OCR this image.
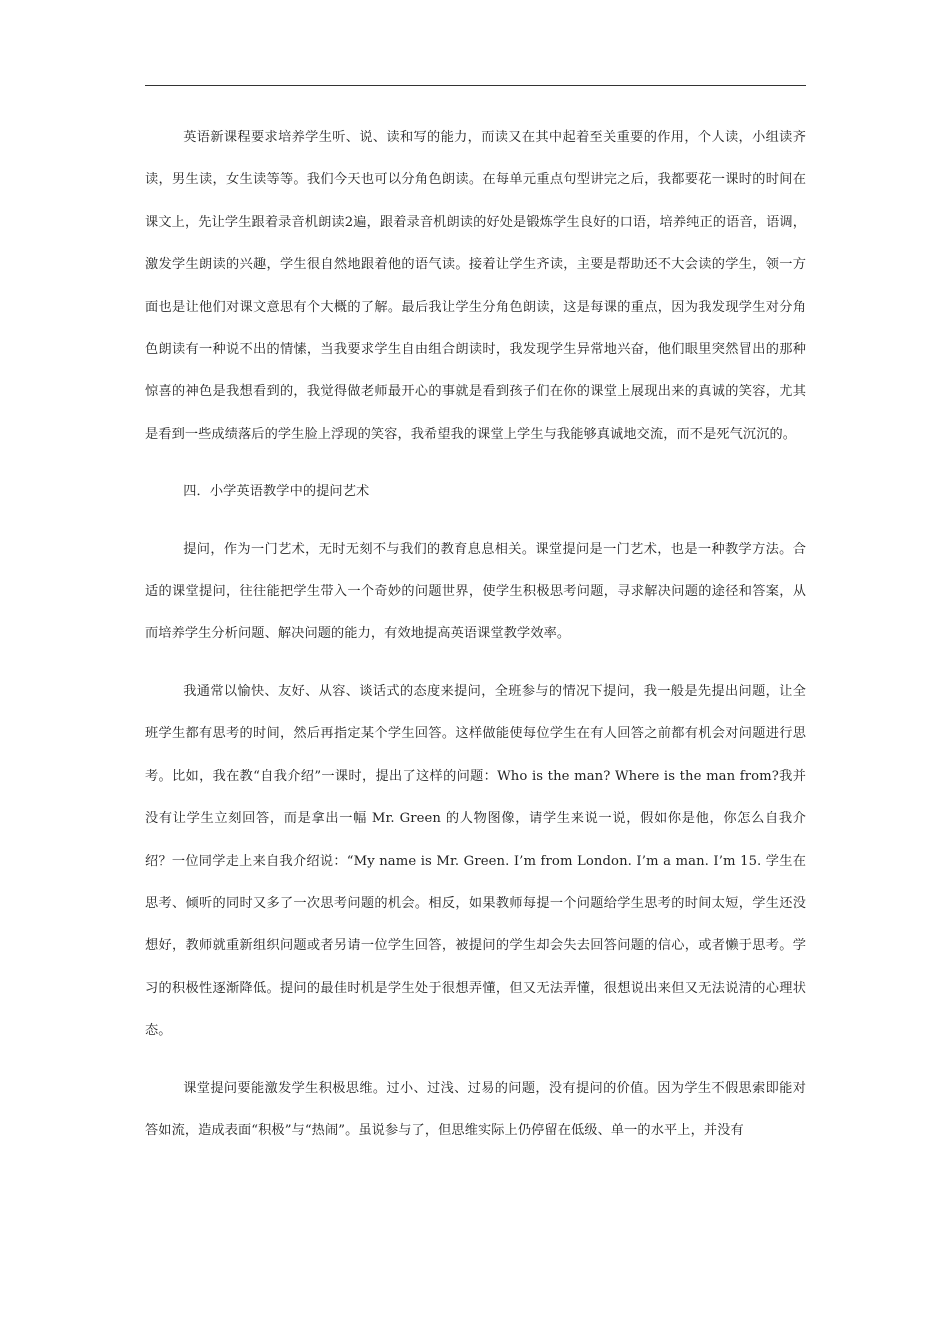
英语新课程要求培养学生听、说、读和写的能力，而读又在其中起着至关重要的作用，个人读，小组读齐读，男生读，女生读等等。我们今天也可以分角色朗读。在每单元重点句型讲完之后，我都要花一课时的时间在课文上，先让学生跟着录音机朗读2遍，跟着录音机朗读的好处是锻炼学生良好的口语，培养纯正的语音，语调，激发学生朗读的兴趣，学生很自然地跟着他的语气读。接着让学生齐读，主要是帮助还不大会读的学生，领一方面也是让他们对课文意思有个大概的了解。最后我让学生分角色朗读，这是每课的重点，因为我发现学生对分角色朗读有一种说不出的情愫，当我要求学生自由组合朗读时，我发现学生异常地兴奋，他们眼里突然冒出的那种惊喜的神色是我想看到的，我觉得做老师最开心的事就是看到孩子们在你的课堂上展现出来的真诚的笑容，尤其是看到一些成绩落后的学生脸上浮现的笑容，我希望我的课堂上学生与我能够真诚地交流，而不是死气沉沉的。

四．小学英语教学中的提问艺术

提问，作为一门艺术，无时无刻不与我们的教育息息相关。课堂提问是一门艺术，也是一种教学方法。合适的课堂提问，往往能把学生带入一个奇妙的问题世界，使学生积极思考问题，寻求解决问题的途径和答案，从而培养学生分析问题、解决问题的能力，有效地提高英语课堂教学效率。

我通常以愉快、友好、从容、谈话式的态度来提问，全班参与的情况下提问，我一般是先提出问题，让全班学生都有思考的时间，然后再指定某个学生回答。这样做能使每位学生在有人回答之前都有机会对问题进行思考。比如，我在教“自我介绍”一课时，提出了这样的问题：Who is the man? Where is the man from?我并没有让学生立刻回答，而是拿出一幅 Mr. Green 的人物图像，请学生来说一说，假如你是他，你怎么自我介绍？一位同学走上来自我介绍说：“My name is Mr. Green. I’m from London. I’m a man. I’m 15. 学生在思考、倾听的同时又多了一次思考问题的机会。相反，如果教师每提一个问题给学生思考的时间太短，学生还没想好，教师就重新组织问题或者另请一位学生回答，被提问的学生却会失去回答问题的信心，或者懒于思考。学习的积极性逐渐降低。提问的最佳时机是学生处于很想弄懂，但又无法弄懂，很想说出来但又无法说清的心理状态。

课堂提问要能激发学生积极思维。过小、过浅、过易的问题，没有提问的价值。因为学生不假思索即能对答如流，造成表面“积极”与“热闹”。虽说参与了，但思维实际上仍停留在低级、单一的水平上，并没有
